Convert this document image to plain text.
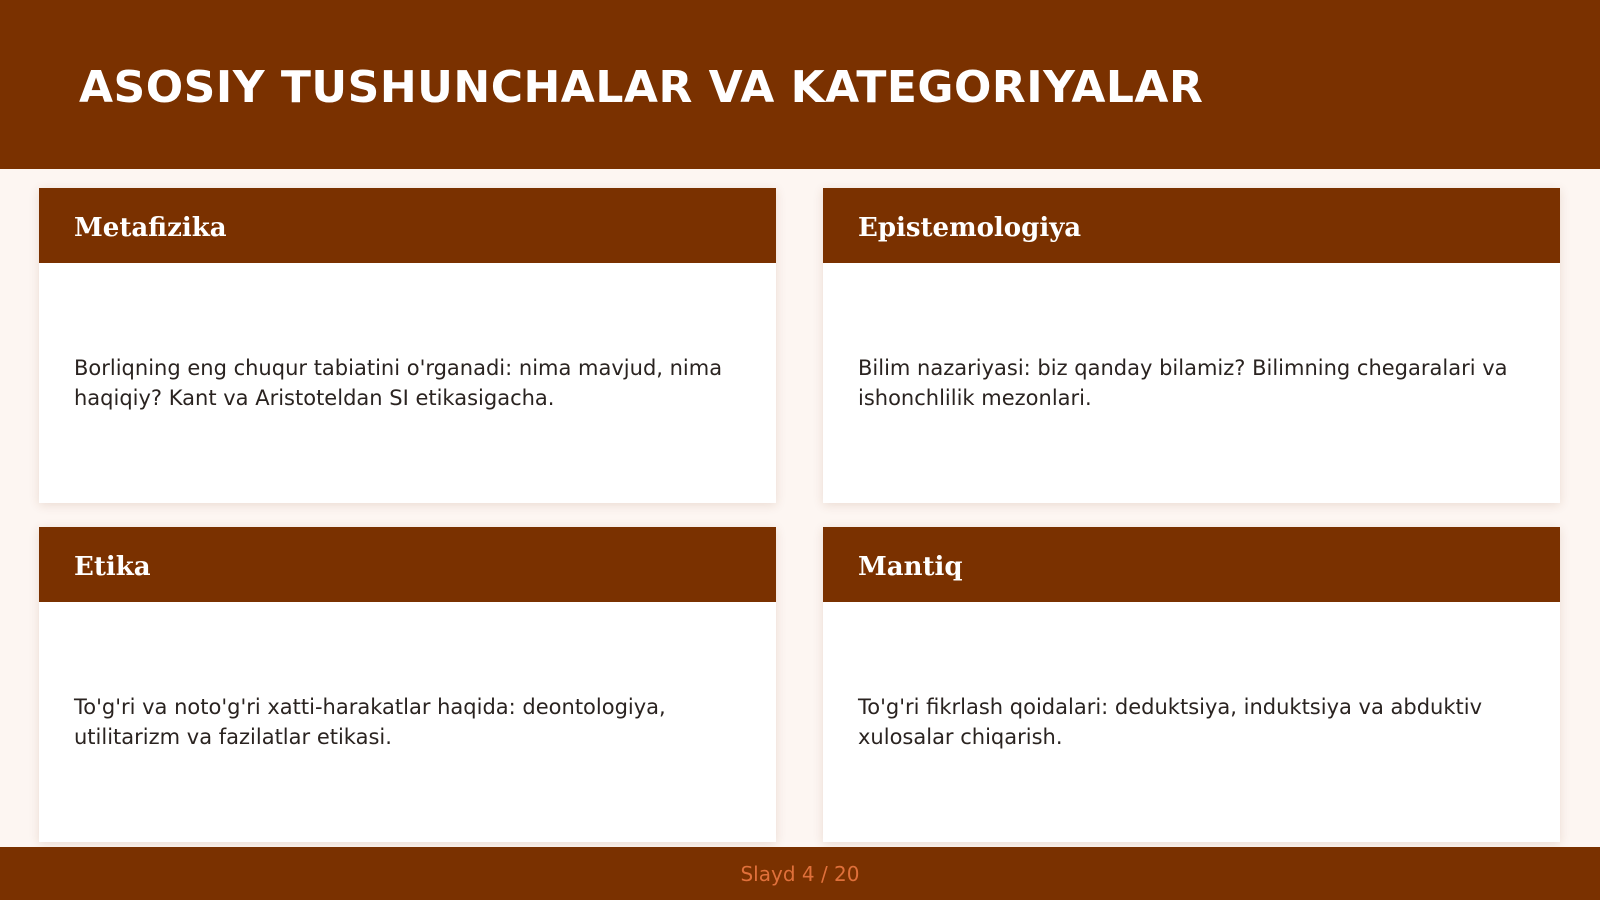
ASOSIY TUSHUNCHALAR VA KATEGORIYALAR
Metafizika

Borliqning eng chuqur tabiatini o'rganadi: nima mavjud, nima haqiqiy? Kant va Aristoteldan SI etikasigacha.

Epistemologiya

Bilim nazariyasi: biz qanday bilamiz? Bilimning chegaralari va ishonchlilik mezonlari.

Etika

To'g'ri va noto'g'ri xatti-harakatlar haqida: deontologiya, utilitarizm va fazilatlar etikasi.

Mantiq

To'g'ri fikrlash qoidalari: deduktsiya, induktsiya va abduktiv xulosalar chiqarish.

Slayd 4 / 20
